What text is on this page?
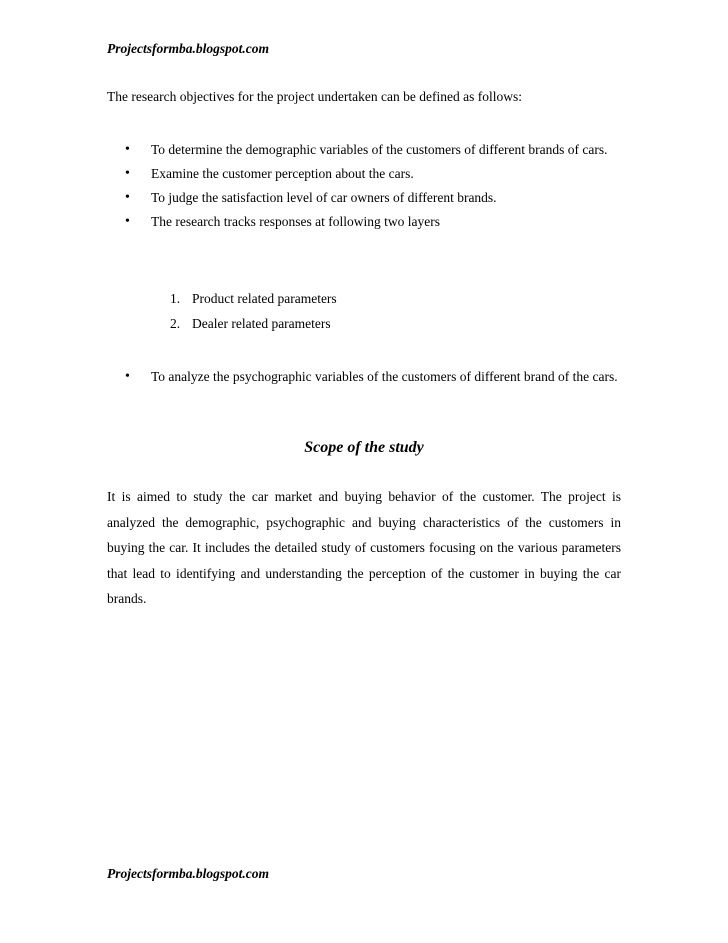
Projectsformba.blogspot.com

The research objectives for the project undertaken can be defined as follows:

• To determine the demographic variables of the customers of different brands of cars.
• Examine the customer perception about the cars.
• To judge the satisfaction level of car owners of different brands.
• The research tracks responses at following two layers
1. Product related parameters
2. Dealer related parameters
• To analyze the psychographic variables of the customers of different brand of the cars.
Scope of the study

It is aimed to study the car market and buying behavior of the customer. The project is analyzed the demographic, psychographic and buying characteristics of the customers in buying the car. It includes the detailed study of customers focusing on the various parameters that lead to identifying and understanding the perception of the customer in buying the car brands.

Projectsformba.blogspot.com
